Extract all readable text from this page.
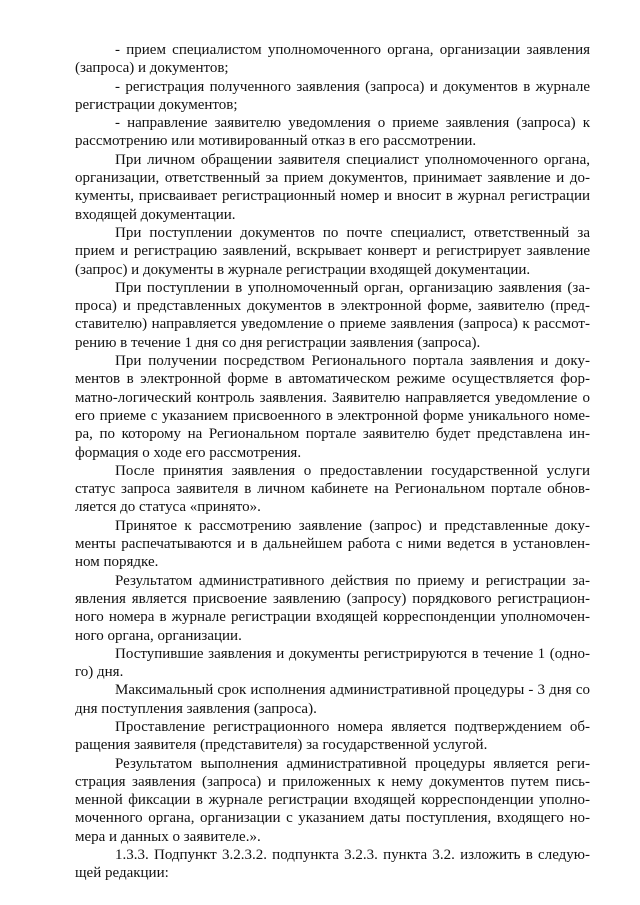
- прием специалистом уполномоченного органа, организации заявления (запроса) и документов;

- регистрация полученного заявления (запроса) и документов в журнале регистрации документов;

- направление заявителю уведомления о приеме заявления (запроса) к рассмотрению или мотивированный отказ в его рассмотрении.

При личном обращении заявителя специалист уполномоченного органа, организации, ответственный за прием документов, принимает заявление и документы, присваивает регистрационный номер и вносит в журнал регистрации входящей документации.

При поступлении документов по почте специалист, ответственный за прием и регистрацию заявлений, вскрывает конверт и регистрирует заявление (запрос) и документы в журнале регистрации входящей документации.

При поступлении в уполномоченный орган, организацию заявления (запроса) и представленных документов в электронной форме, заявителю (представителю) направляется уведомление о приеме заявления (запроса) к рассмотрению в течение 1 дня со дня регистрации заявления (запроса).

При получении посредством Регионального портала заявления и документов в электронной форме в автоматическом режиме осуществляется форматно-логический контроль заявления. Заявителю направляется уведомление о его приеме с указанием присвоенного в электронной форме уникального номера, по которому на Региональном портале заявителю будет представлена информация о ходе его рассмотрения.

После принятия заявления о предоставлении государственной услуги статус запроса заявителя в личном кабинете на Региональном портале обновляется до статуса «принято».

Принятое к рассмотрению заявление (запрос) и представленные документы распечатываются и в дальнейшем работа с ними ведется в установленном порядке.

Результатом административного действия по приему и регистрации заявления является присвоение заявлению (запросу) порядкового регистрационного номера в журнале регистрации входящей корреспонденции уполномоченного органа, организации.

Поступившие заявления и документы регистрируются в течение 1 (одного) дня.

Максимальный срок исполнения административной процедуры - 3 дня со дня поступления заявления (запроса).

Проставление регистрационного номера является подтверждением обращения заявителя (представителя) за государственной услугой.

Результатом выполнения административной процедуры является регистрация заявления (запроса) и приложенных к нему документов путем письменной фиксации в журнале регистрации входящей корреспонденции уполномоченного органа, организации с указанием даты поступления, входящего номера и данных о заявителе.».

1.3.3. Подпункт 3.2.3.2. подпункта 3.2.3. пункта 3.2. изложить в следующей редакции:
